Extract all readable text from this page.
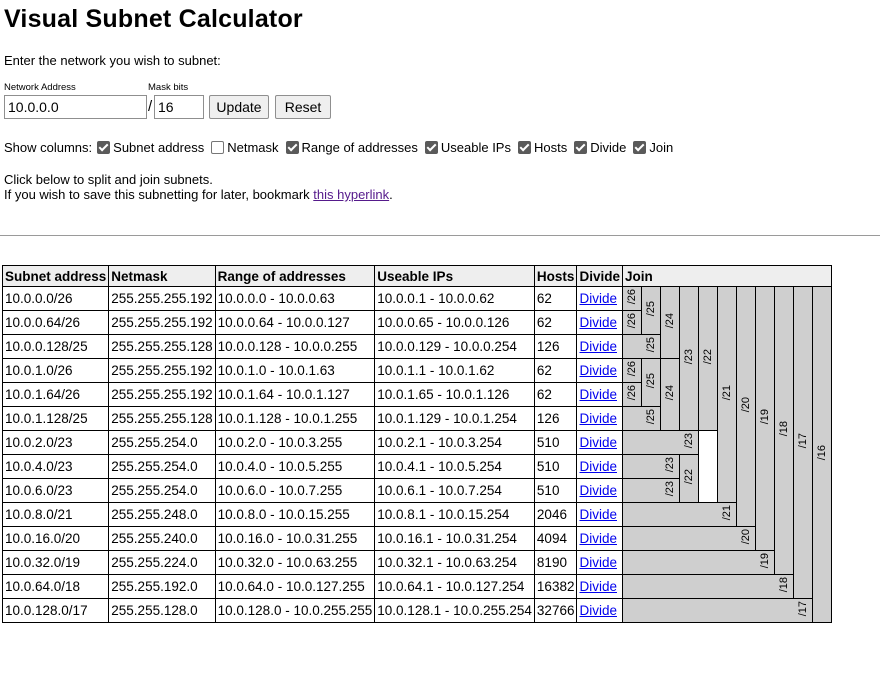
Visual Subnet Calculator
Enter the network you wish to subnet:
Network Address	Mask bits
10.0.0.0
/
16	Update	Reset
Show columns: Subnet address Netmask Range of addresses Useable IPs Hosts Divide Join
Click below to split and join subnets.
If you wish to save this subnetting for later, bookmark this hyperlink.
Subnet address	Netmask	Range of addresses	Useable IPs	Hosts	Divide	Join										
10.0.0.0/26	255.255.255.192	10.0.0.0 - 10.0.0.63	10.0.0.1 - 10.0.0.62	62	Divide	/26	/25	/24	/23	/22	/21	/20	/19	/18	/17	/16
10.0.0.64/26	255.255.255.192	10.0.0.64 - 10.0.0.127	10.0.0.65 - 10.0.0.126	62	Divide	/26										
10.0.0.128/25	255.255.255.128	10.0.0.128 - 10.0.0.255	10.0.0.129 - 10.0.0.254	126	Divide	/25										
10.0.1.0/26	255.255.255.192	10.0.1.0 - 10.0.1.63	10.0.1.1 - 10.0.1.62	62	Divide	/26	/25	/24								
10.0.1.64/26	255.255.255.192	10.0.1.64 - 10.0.1.127	10.0.1.65 - 10.0.1.126	62	Divide	/26										
10.0.1.128/25	255.255.255.128	10.0.1.128 - 10.0.1.255	10.0.1.129 - 10.0.1.254	126	Divide	/25										
10.0.2.0/23	255.255.254.0	10.0.2.0 - 10.0.3.255	10.0.2.1 - 10.0.3.254	510	Divide	/23										
10.0.4.0/23	255.255.254.0	10.0.4.0 - 10.0.5.255	10.0.4.1 - 10.0.5.254	510	Divide	/23			/22							
10.0.6.0/23	255.255.254.0	10.0.6.0 - 10.0.7.255	10.0.6.1 - 10.0.7.254	510	Divide	/23										
10.0.8.0/21	255.255.248.0	10.0.8.0 - 10.0.15.255	10.0.8.1 - 10.0.15.254	2046	Divide	/21										
10.0.16.0/20	255.255.240.0	10.0.16.0 - 10.0.31.255	10.0.16.1 - 10.0.31.254	4094	Divide	/20										
10.0.32.0/19	255.255.224.0	10.0.32.0 - 10.0.63.255	10.0.32.1 - 10.0.63.254	8190	Divide	/19										
10.0.64.0/18	255.255.192.0	10.0.64.0 - 10.0.127.255	10.0.64.1 - 10.0.127.254	16382	Divide	/18										
10.0.128.0/17	255.255.128.0	10.0.128.0 - 10.0.255.255	10.0.128.1 - 10.0.255.254	32766	Divide	/17										
